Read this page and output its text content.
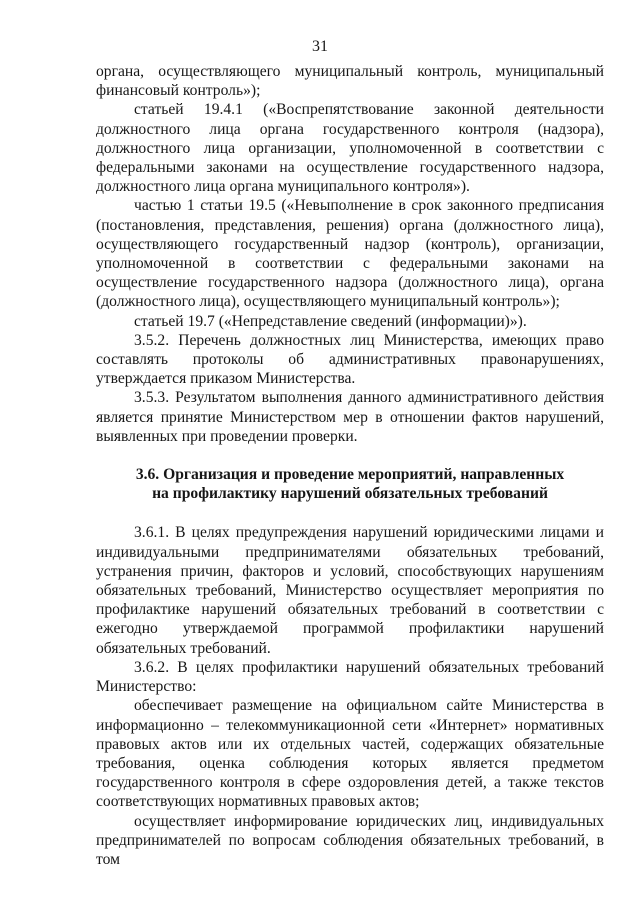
31

органа, осуществляющего муниципальный контроль, муниципальный финансовый контроль»);

статьей 19.4.1 («Воспрепятствование законной деятельности должностного лица органа государственного контроля (надзора), должностного лица организации, уполномоченной в соответствии с федеральными законами на осуществление государственного надзора, должностного лица органа муниципального контроля»).

частью 1 статьи 19.5 («Невыполнение в срок законного предписания (постановления, представления, решения) органа (должностного лица), осуществляющего государственный надзор (контроль), организации, уполномоченной в соответствии с федеральными законами на осуществление государственного надзора (должностного лица), органа (должностного лица), осуществляющего муниципальный контроль»);

статьей 19.7 («Непредставление сведений (информации)»).

3.5.2. Перечень должностных лиц Министерства, имеющих право составлять протоколы об административных правонарушениях, утверждается приказом Министерства.

3.5.3. Результатом выполнения данного административного действия является принятие Министерством мер в отношении фактов нарушений, выявленных при проведении проверки.

3.6. Организация и проведение мероприятий, направленных
на профилактику нарушений обязательных требований

3.6.1. В целях предупреждения нарушений юридическими лицами и индивидуальными предпринимателями обязательных требований, устранения причин, факторов и условий, способствующих нарушениям обязательных требований, Министерство осуществляет мероприятия по профилактике нарушений обязательных требований в соответствии с ежегодно утверждаемой программой профилактики нарушений обязательных требований.

3.6.2. В целях профилактики нарушений обязательных требований Министерство:

обеспечивает размещение на официальном сайте Министерства в информационно – телекоммуникационной сети «Интернет» нормативных правовых актов или их отдельных частей, содержащих обязательные требования, оценка соблюдения которых является предметом государственного контроля в сфере оздоровления детей, а также текстов соответствующих нормативных правовых актов;

осуществляет информирование юридических лиц, индивидуальных предпринимателей по вопросам соблюдения обязательных требований, в том
